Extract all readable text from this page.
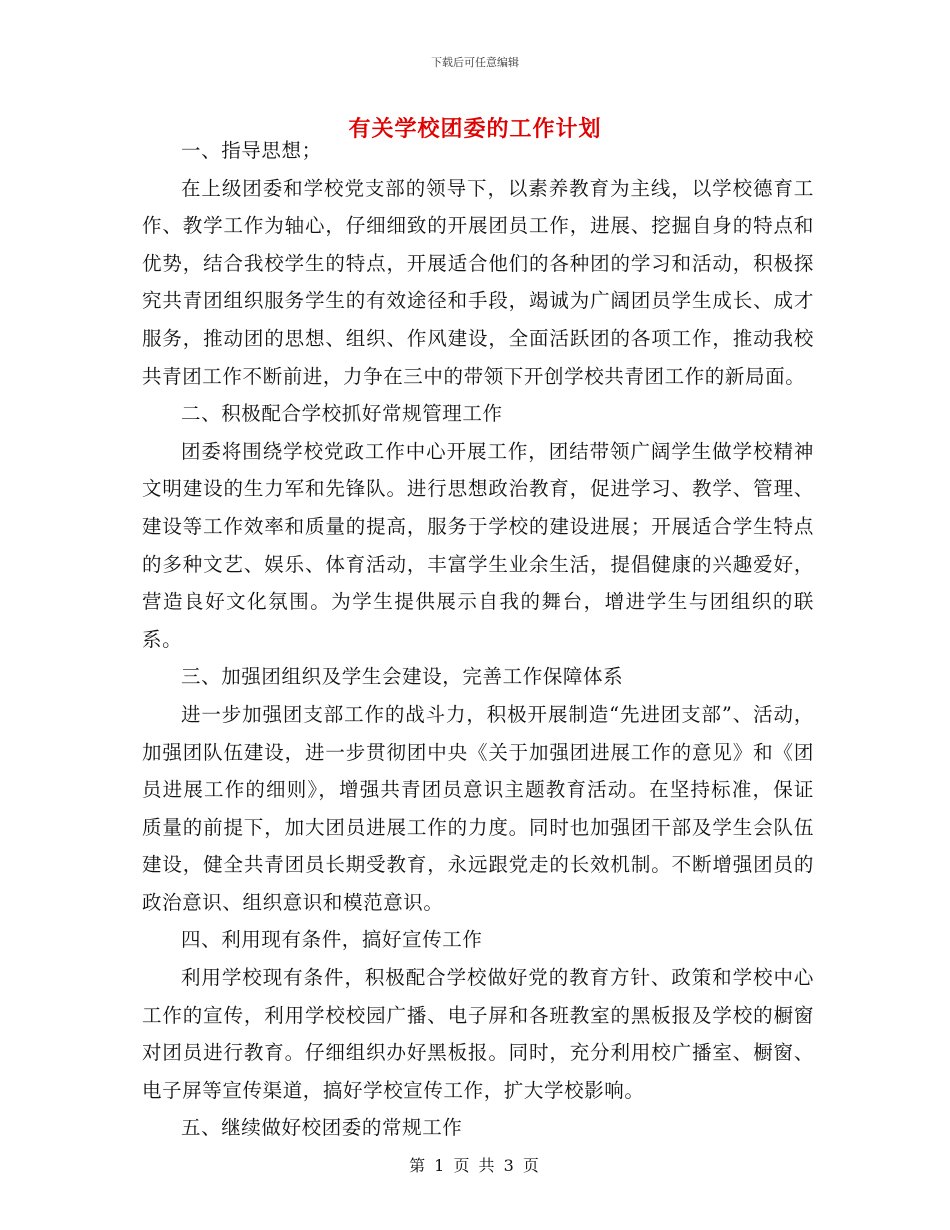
下载后可任意编辑
有关学校团委的工作计划

一、指导思想；

在上级团委和学校党支部的领导下，以素养教育为主线，以学校德育工作、教学工作为轴心，仔细细致的开展团员工作，进展、挖掘自身的特点和优势，结合我校学生的特点，开展适合他们的各种团的学习和活动，积极探究共青团组织服务学生的有效途径和手段，竭诚为广阔团员学生成长、成才服务，推动团的思想、组织、作风建设，全面活跃团的各项工作，推动我校共青团工作不断前进，力争在三中的带领下开创学校共青团工作的新局面。

二、积极配合学校抓好常规管理工作

团委将围绕学校党政工作中心开展工作，团结带领广阔学生做学校精神文明建设的生力军和先锋队。进行思想政治教育，促进学习、教学、管理、建设等工作效率和质量的提高，服务于学校的建设进展；开展适合学生特点的多种文艺、娱乐、体育活动，丰富学生业余生活，提倡健康的兴趣爱好，营造良好文化氛围。为学生提供展示自我的舞台，增进学生与团组织的联系。

三、加强团组织及学生会建设，完善工作保障体系

进一步加强团支部工作的战斗力，积极开展制造“先进团支部”、活动，加强团队伍建设，进一步贯彻团中央《关于加强团进展工作的意见》和《团员进展工作的细则》，增强共青团员意识主题教育活动。在坚持标准，保证质量的前提下，加大团员进展工作的力度。同时也加强团干部及学生会队伍建设，健全共青团员长期受教育，永远跟党走的长效机制。不断增强团员的政治意识、组织意识和模范意识。

四、利用现有条件，搞好宣传工作

利用学校现有条件，积极配合学校做好党的教育方针、政策和学校中心工作的宣传，利用学校校园广播、电子屏和各班教室的黑板报及学校的橱窗对团员进行教育。仔细组织办好黑板报。同时，充分利用校广播室、橱窗、电子屏等宣传渠道，搞好学校宣传工作，扩大学校影响。

五、继续做好校团委的常规工作

第 1 页 共 3 页
